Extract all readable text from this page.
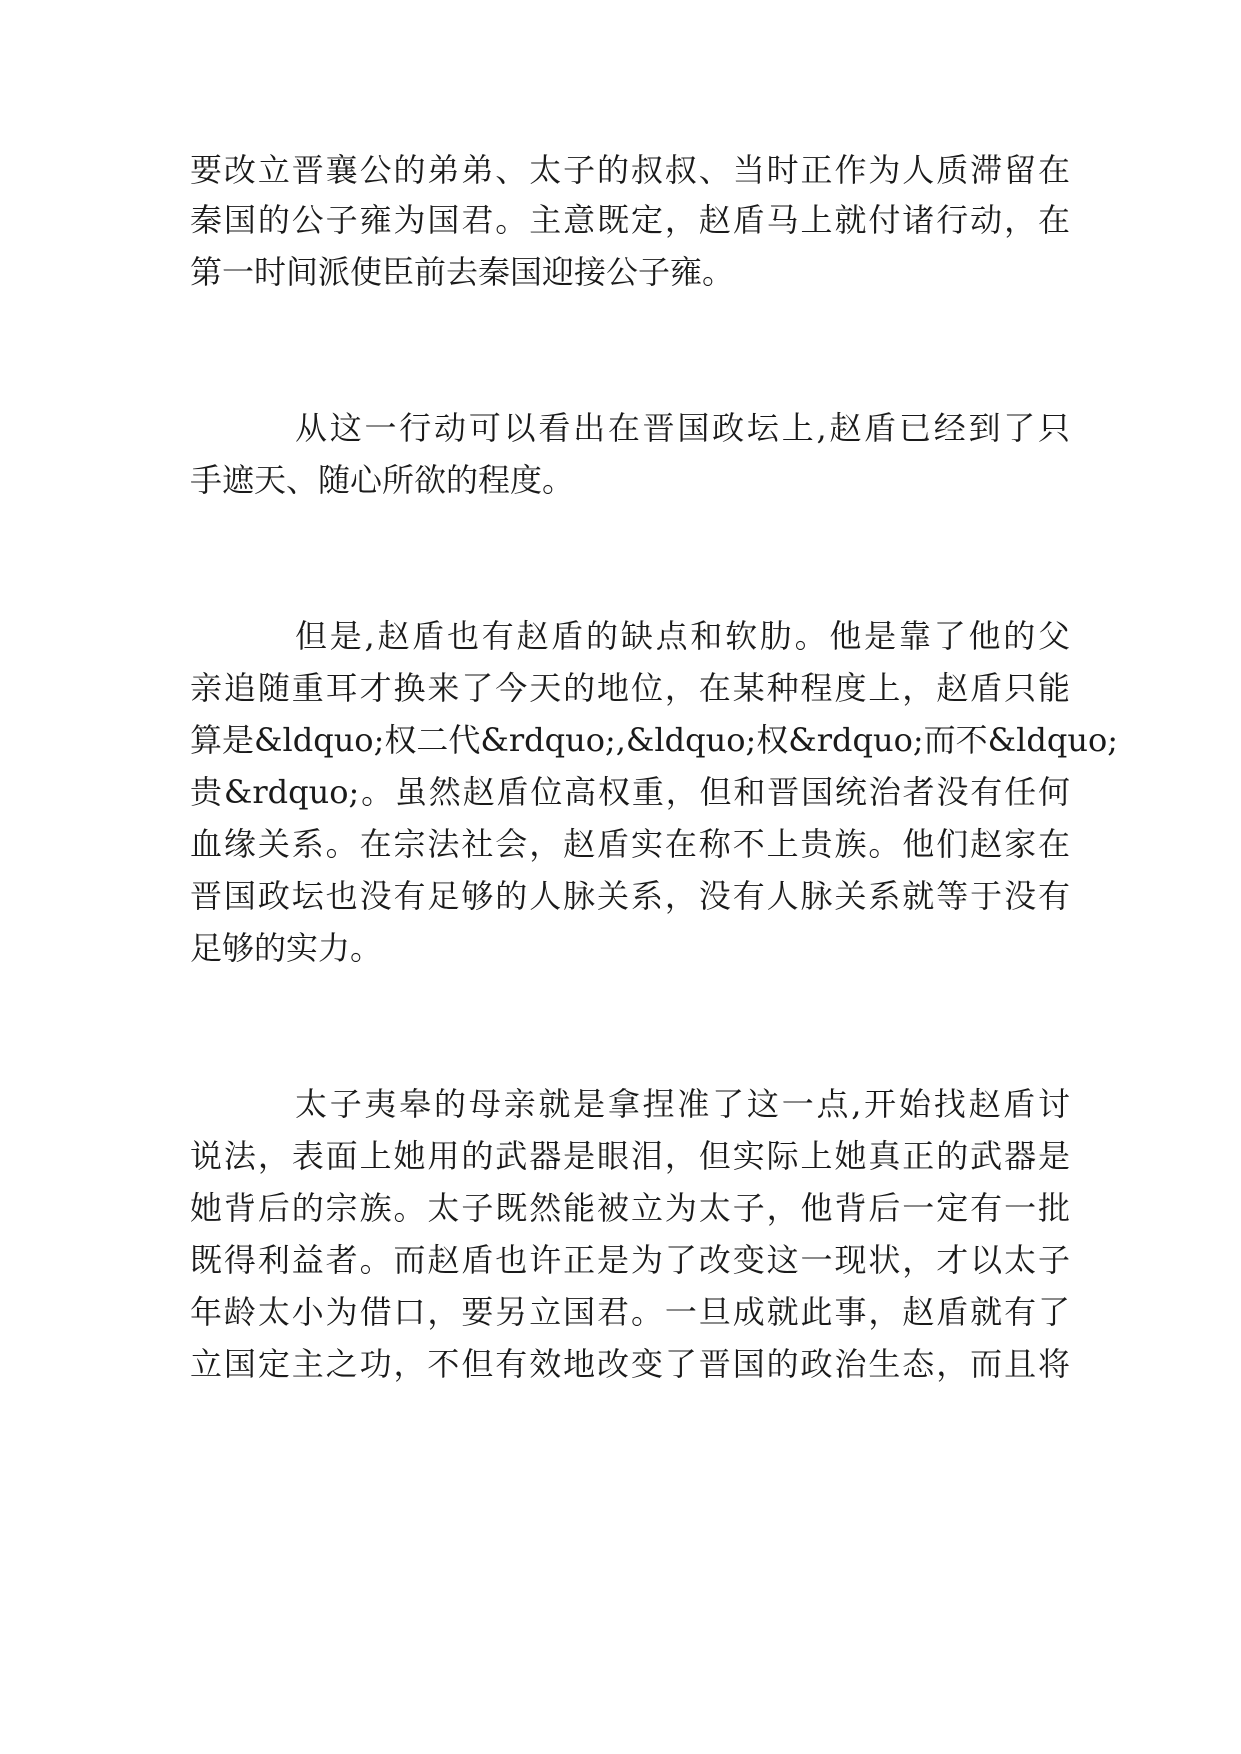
要改立晋襄公的弟弟、太子的叔叔、当时正作为人质滞留在

秦国的公子雍为国君。主意既定，赵盾马上就付诸行动，在

第一时间派使臣前去秦国迎接公子雍。

从这一行动可以看出在晋国政坛上,赵盾已经到了只

手遮天、随心所欲的程度。

但是,赵盾也有赵盾的缺点和软肋。他是靠了他的父

亲追随重耳才换来了今天的地位，在某种程度上，赵盾只能

算是&ldquo;权二代&rdquo;,&ldquo;权&rdquo;而不&ldquo;

贵&rdquo;。虽然赵盾位高权重，但和晋国统治者没有任何

血缘关系。在宗法社会，赵盾实在称不上贵族。他们赵家在

晋国政坛也没有足够的人脉关系，没有人脉关系就等于没有

足够的实力。

太子夷皋的母亲就是拿捏准了这一点,开始找赵盾讨

说法，表面上她用的武器是眼泪，但实际上她真正的武器是

她背后的宗族。太子既然能被立为太子，他背后一定有一批

既得利益者。而赵盾也许正是为了改变这一现状，才以太子

年龄太小为借口，要另立国君。一旦成就此事，赵盾就有了

立国定主之功，不但有效地改变了晋国的政治生态，而且将
